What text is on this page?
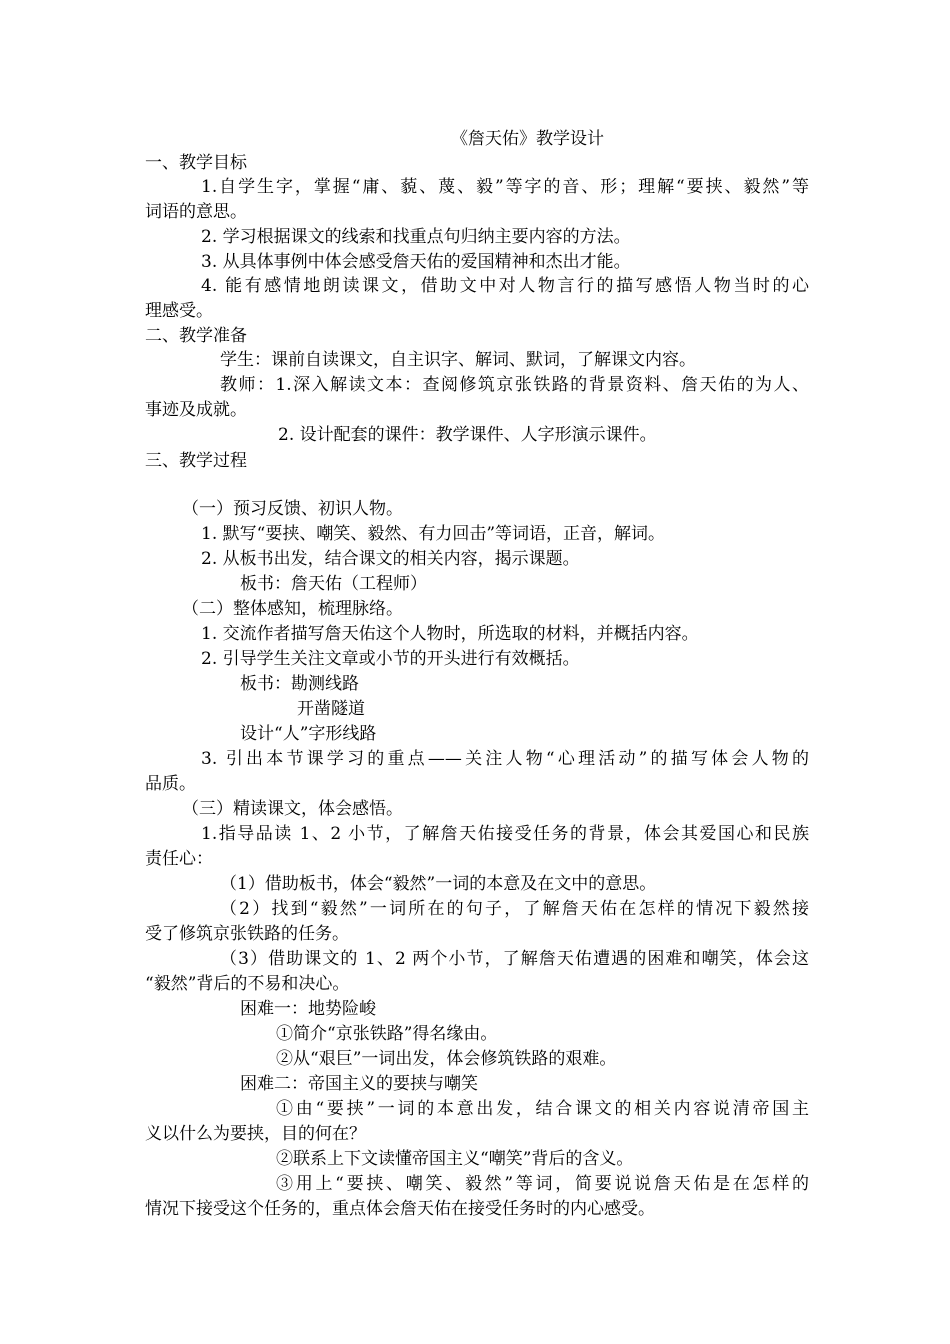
《詹天佑》教学设计
一、教学目标
1.自学生字，掌握“庸、藐、蔑、毅”等字的音、形；理解“要挟、毅然”等
词语的意思。
2. 学习根据课文的线索和找重点句归纳主要内容的方法。
3. 从具体事例中体会感受詹天佑的爱国精神和杰出才能。
4. 能有感情地朗读课文，借助文中对人物言行的描写感悟人物当时的心
理感受。
二、教学准备
学生：课前自读课文，自主识字、解词、默词，了解课文内容。
教师：1.深入解读文本：查阅修筑京张铁路的背景资料、詹天佑的为人、
事迹及成就。
2. 设计配套的课件：教学课件、人字形演示课件。
三、教学过程
（一）预习反馈、初识人物。
1. 默写“要挟、嘲笑、毅然、有力回击”等词语，正音，解词。
2. 从板书出发，结合课文的相关内容，揭示课题。
板书：詹天佑（工程师）
（二）整体感知，梳理脉络。
1. 交流作者描写詹天佑这个人物时，所选取的材料，并概括内容。
2. 引导学生关注文章或小节的开头进行有效概括。
板书：勘测线路
开凿隧道
设计“人”字形线路
3. 引出本节课学习的重点——关注人物“心理活动”的描写体会人物的
品质。
（三）精读课文，体会感悟。
1.指导品读 1、2 小节，了解詹天佑接受任务的背景，体会其爱国心和民族
责任心：
（1）借助板书，体会“毅然”一词的本意及在文中的意思。
（2）找到“毅然”一词所在的句子，了解詹天佑在怎样的情况下毅然接
受了修筑京张铁路的任务。
（3）借助课文的 1、2 两个小节，了解詹天佑遭遇的困难和嘲笑，体会这
“毅然”背后的不易和决心。
困难一：地势险峻
①简介“京张铁路”得名缘由。
②从“艰巨”一词出发，体会修筑铁路的艰难。
困难二：帝国主义的要挟与嘲笑
①由“要挟”一词的本意出发，结合课文的相关内容说清帝国主
义以什么为要挟，目的何在？
②联系上下文读懂帝国主义“嘲笑”背后的含义。
③用上“要挟、嘲笑、毅然”等词，简要说说詹天佑是在怎样的
情况下接受这个任务的，重点体会詹天佑在接受任务时的内心感受。
